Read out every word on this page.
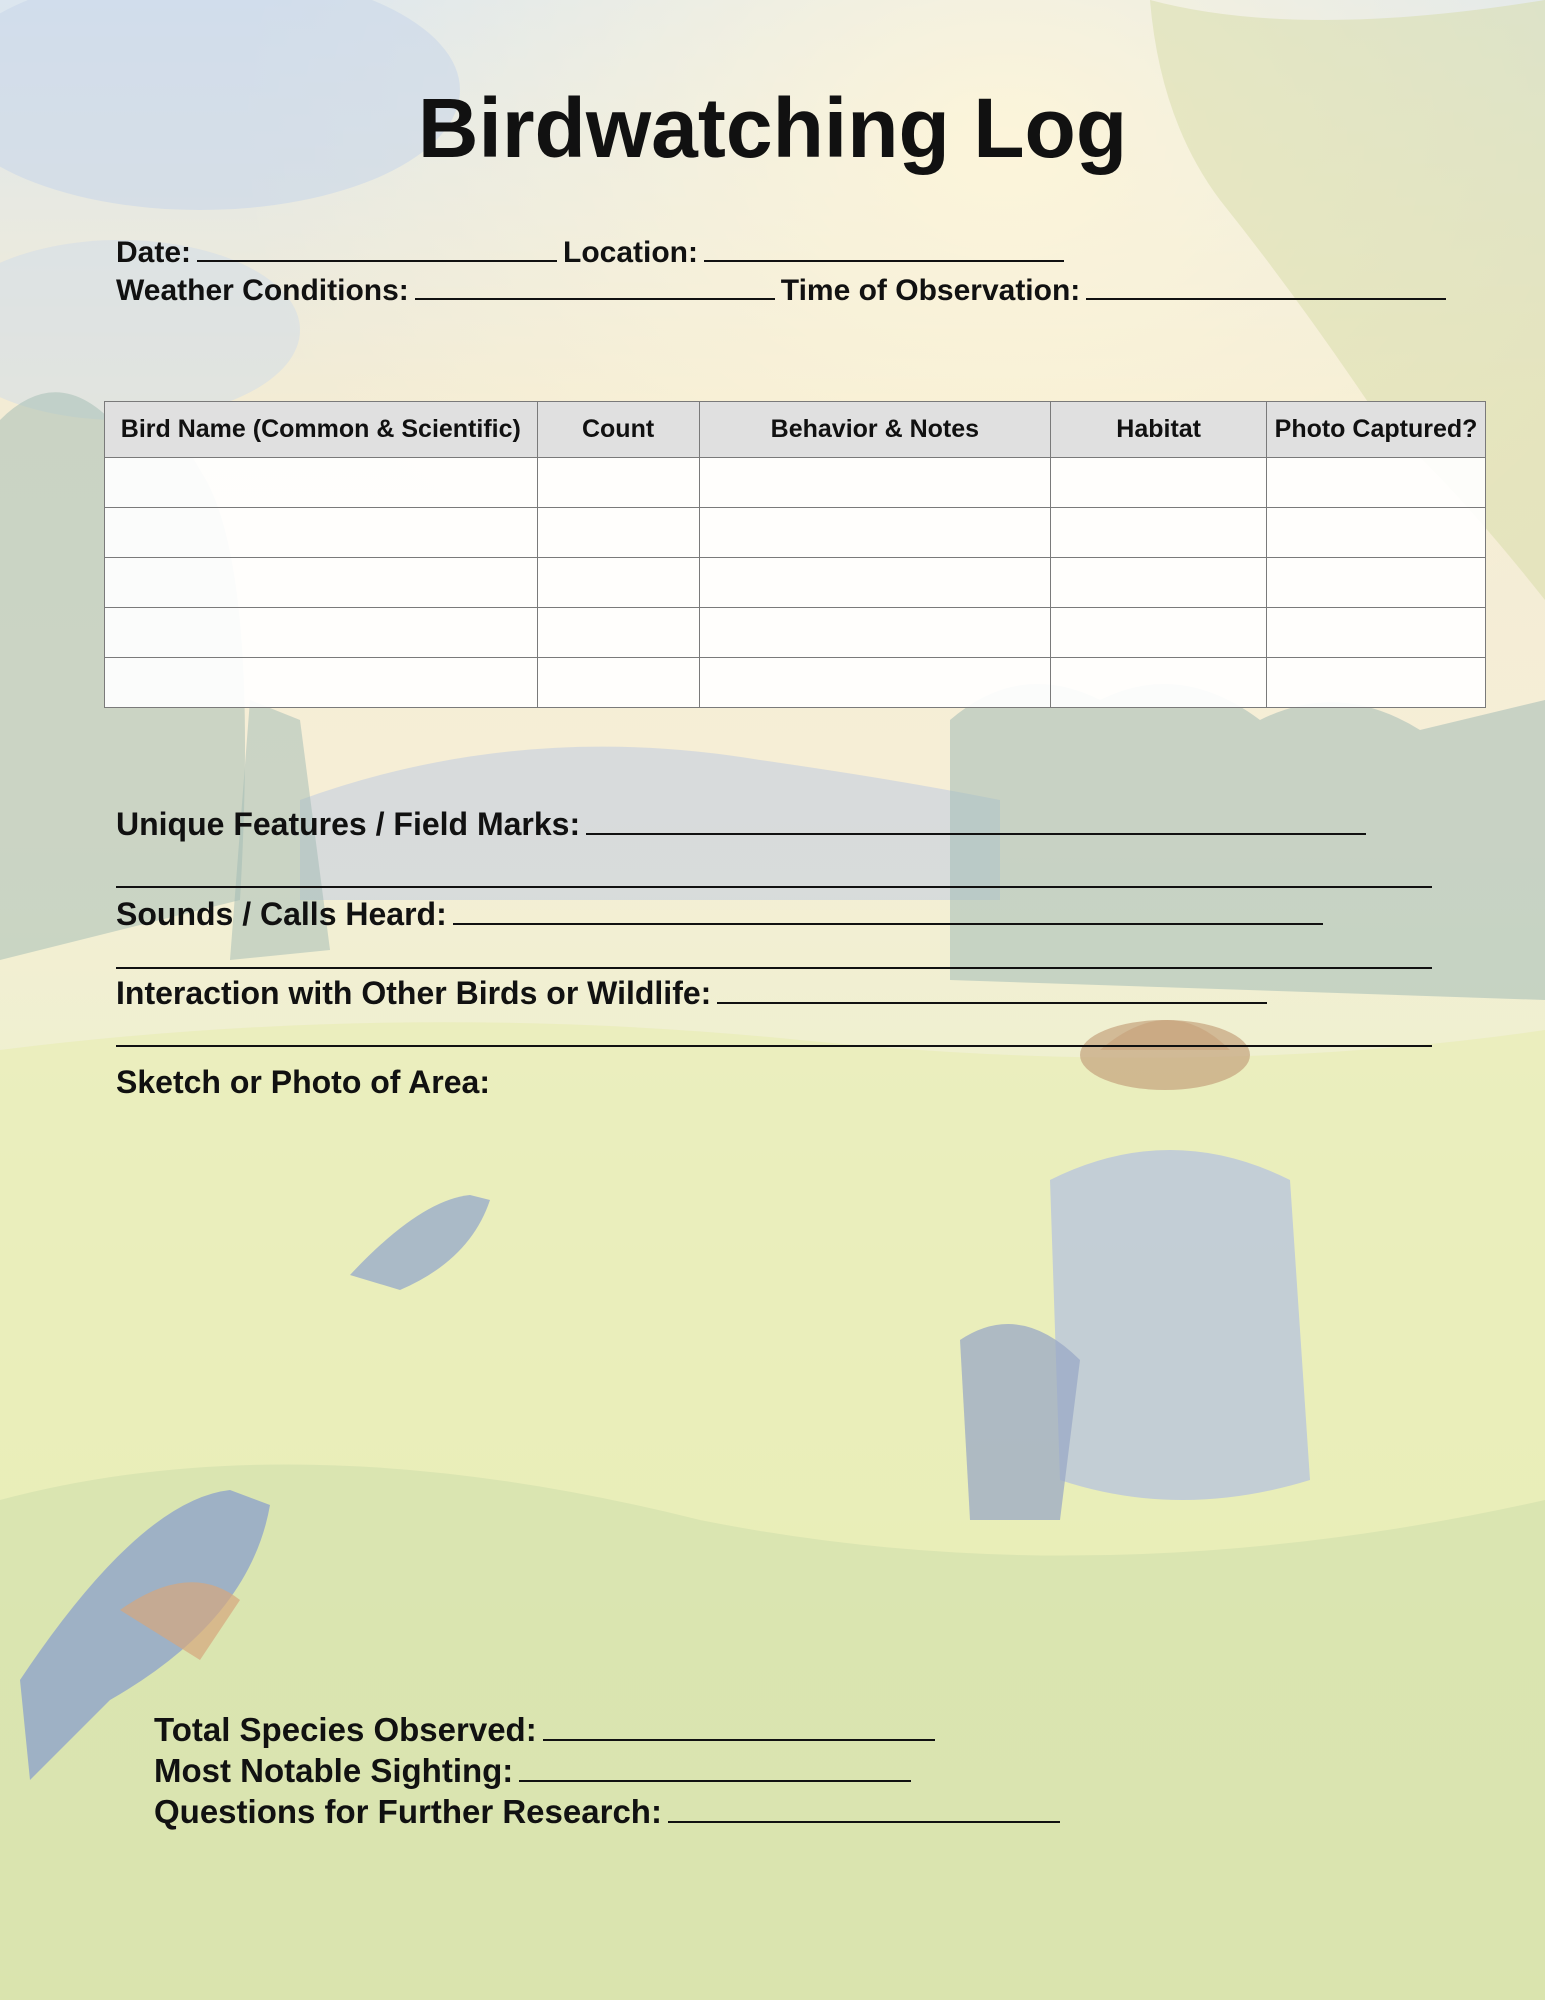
Birdwatching Log
Date:	Location:
Weather Conditions:	Time of Observation:
Bird Name (Common & Scientific)	Count	Behavior & Notes	Habitat	Photo Captured?

Unique Features / Field Marks:
Sounds / Calls Heard:
Interaction with Other Birds or Wildlife:
Sketch or Photo of Area:
Total Species Observed:
Most Notable Sighting:
Questions for Further Research:
